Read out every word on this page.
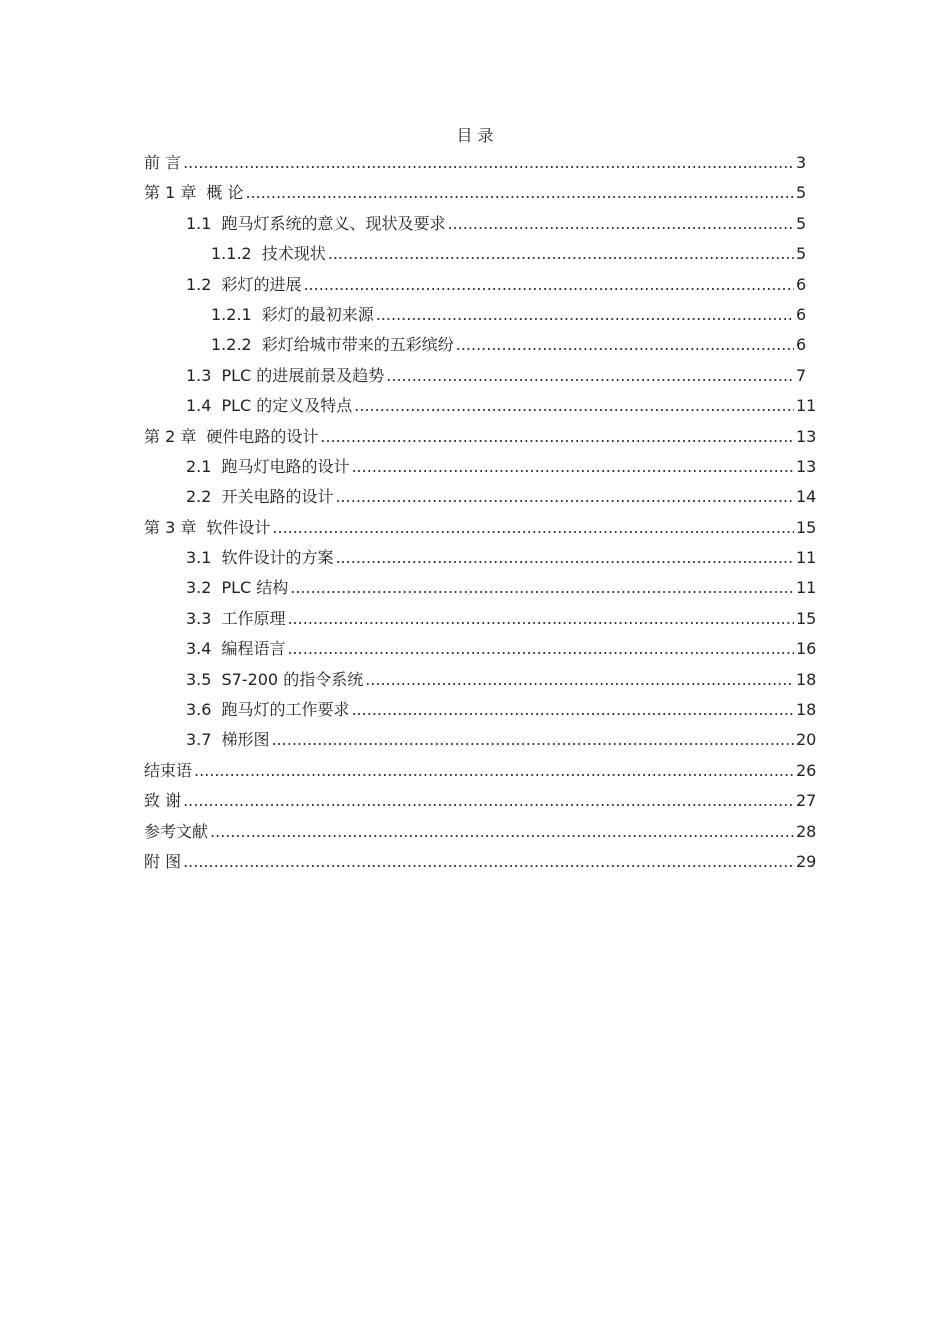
目 录
前 言 .....	3
第 1 章 概 论 .....	5
1.1 跑马灯系统的意义、现状及要求 .....	5
1.1.2 技术现状 .....	5
1.2 彩灯的进展 .....	6
1.2.1 彩灯的最初来源 .....	6
1.2.2 彩灯给城市带来的五彩缤纷 .....	6
1.3 PLC 的进展前景及趋势 .....	7
1.4 PLC 的定义及特点 .....	11
第 2 章 硬件电路的设计 .....	13
2.1 跑马灯电路的设计 .....	13
2.2 开关电路的设计 .....	14
第 3 章 软件设计 .....	15
3.1 软件设计的方案 .....	11
3.2 PLC 结构 .....	11
3.3 工作原理 .....	15
3.4 编程语言 .....	16
3.5 S7-200 的指令系统 .....	18
3.6 跑马灯的工作要求 .....	18
3.7 梯形图 .....	20
结束语 .....	26
致 谢 .....	27
参考文献 .....	28
附 图 .....	29
